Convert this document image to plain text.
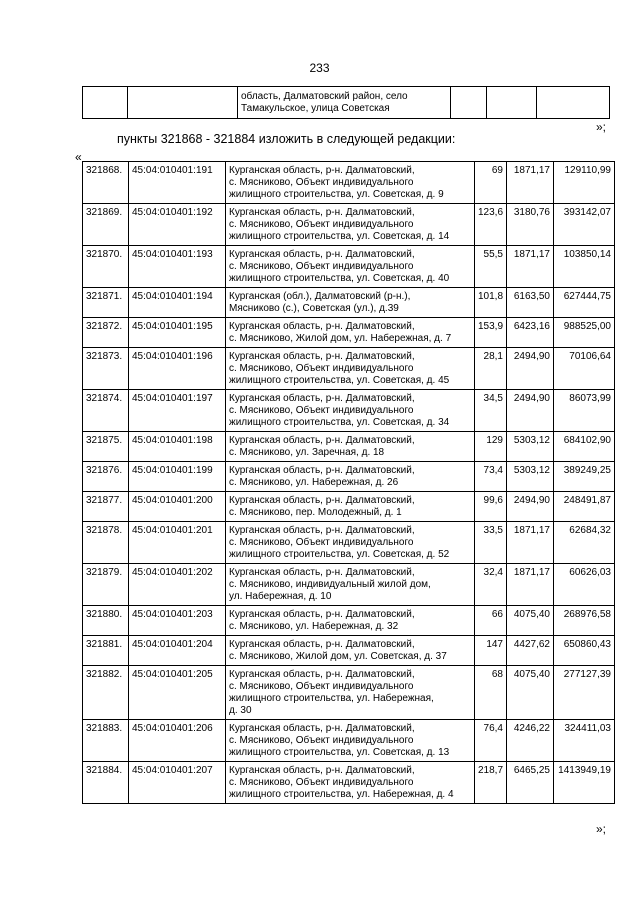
233
		область, Далматовский район, село
Тамакульское, улица Советская			
»;
пункты 321868 - 321884 изложить в следующей редакции:
«
321868.	45:04:010401:191	Курганская область, р-н. Далматовский,
с. Мясниково, Объект индивидуального
жилищного строительства, ул. Советская, д. 9	69	1871,17	129110,99
321869.	45:04:010401:192	Курганская область, р-н. Далматовский,
с. Мясниково, Объект индивидуального
жилищного строительства, ул. Советская, д. 14	123,6	3180,76	393142,07
321870.	45:04:010401:193	Курганская область, р-н. Далматовский,
с. Мясниково, Объект индивидуального
жилищного строительства, ул. Советская, д. 40	55,5	1871,17	103850,14
321871.	45:04:010401:194	Курганская (обл.), Далматовский (р-н.),
Мясниково (с.), Советская (ул.), д.39	101,8	6163,50	627444,75
321872.	45:04:010401:195	Курганская область, р-н. Далматовский,
с. Мясниково, Жилой дом, ул. Набережная, д. 7	153,9	6423,16	988525,00
321873.	45:04:010401:196	Курганская область, р-н. Далматовский,
с. Мясниково, Объект индивидуального
жилищного строительства, ул. Советская, д. 45	28,1	2494,90	70106,64
321874.	45:04:010401:197	Курганская область, р-н. Далматовский,
с. Мясниково, Объект индивидуального
жилищного строительства, ул. Советская, д. 34	34,5	2494,90	86073,99
321875.	45:04:010401:198	Курганская область, р-н. Далматовский,
с. Мясниково, ул. Заречная, д. 18	129	5303,12	684102,90
321876.	45:04:010401:199	Курганская область, р-н. Далматовский,
с. Мясниково, ул. Набережная, д. 26	73,4	5303,12	389249,25
321877.	45:04:010401:200	Курганская область, р-н. Далматовский,
с. Мясниково, пер. Молодежный, д. 1	99,6	2494,90	248491,87
321878.	45:04:010401:201	Курганская область, р-н. Далматовский,
с. Мясниково, Объект индивидуального
жилищного строительства, ул. Советская, д. 52	33,5	1871,17	62684,32
321879.	45:04:010401:202	Курганская область, р-н. Далматовский,
с. Мясниково, индивидуальный жилой дом,
ул. Набережная, д. 10	32,4	1871,17	60626,03
321880.	45:04:010401:203	Курганская область, р-н. Далматовский,
с. Мясниково, ул. Набережная, д. 32	66	4075,40	268976,58
321881.	45:04:010401:204	Курганская область, р-н. Далматовский,
с. Мясниково, Жилой дом, ул. Советская, д. 37	147	4427,62	650860,43
321882.	45:04:010401:205	Курганская область, р-н. Далматовский,
с. Мясниково, Объект индивидуального
жилищного строительства, ул. Набережная,
д. 30	68	4075,40	277127,39
321883.	45:04:010401:206	Курганская область, р-н. Далматовский,
с. Мясниково, Объект индивидуального
жилищного строительства, ул. Советская, д. 13	76,4	4246,22	324411,03
321884.	45:04:010401:207	Курганская область, р-н. Далматовский,
с. Мясниково, Объект индивидуального
жилищного строительства, ул. Набережная, д. 4	218,7	6465,25	1413949,19
»;
